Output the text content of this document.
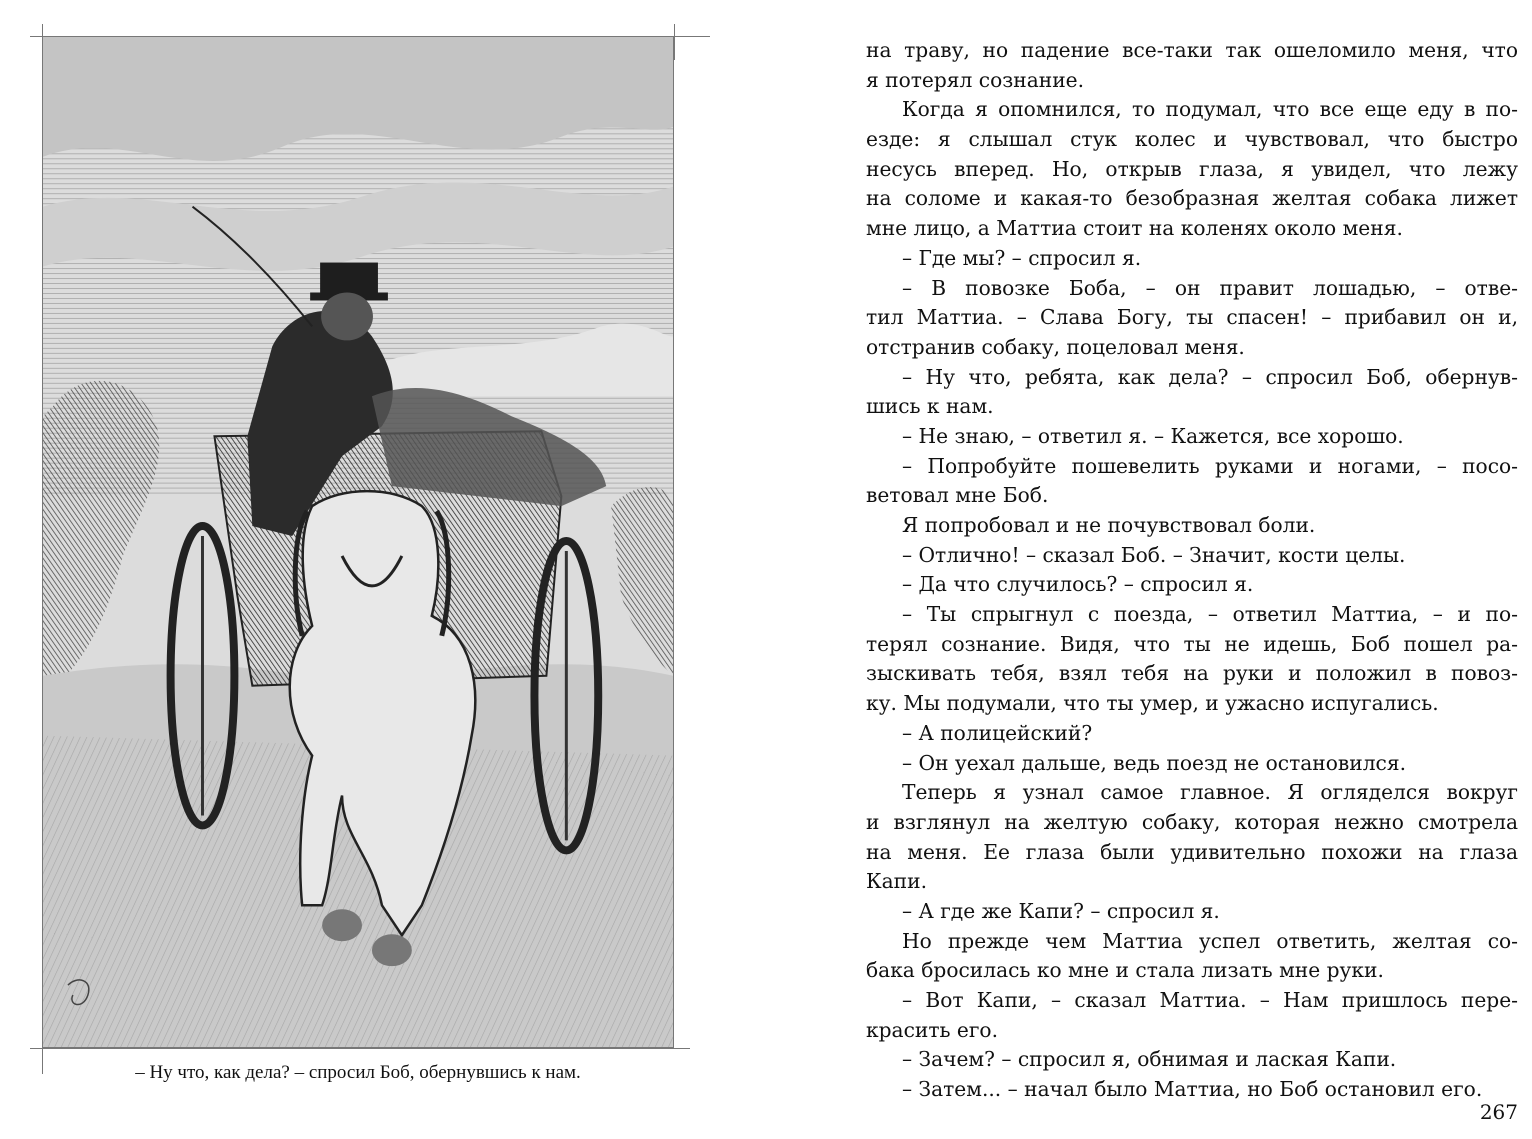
– Ну что, как дела? – спросил Боб, обернувшись к нам.
на траву, но падение все-таки так ошеломило меня, что
я потерял сознание.
Когда я опомнился, то подумал, что все еще еду в по-
езде: я слышал стук колес и чувствовал, что быстро
несусь вперед. Но, открыв глаза, я увидел, что лежу
на соломе и какая-то безобразная желтая собака лижет
мне лицо, а Маттиа стоит на коленях около меня.
– Где мы? – спросил я.
– В повозке Боба, – он правит лошадью, – отве-
тил Маттиа. – Слава Богу, ты спасен! – прибавил он и,
отстранив собаку, поцеловал меня.
– Ну что, ребята, как дела? – спросил Боб, обернув-
шись к нам.
– Не знаю, – ответил я. – Кажется, все хорошо.
– Попробуйте пошевелить руками и ногами, – посо-
ветовал мне Боб.
Я попробовал и не почувствовал боли.
– Отлично! – сказал Боб. – Значит, кости целы.
– Да что случилось? – спросил я.
– Ты спрыгнул с поезда, – ответил Маттиа, – и по-
терял сознание. Видя, что ты не идешь, Боб пошел ра-
зыскивать тебя, взял тебя на руки и положил в повоз-
ку. Мы подумали, что ты умер, и ужасно испугались.
– А полицейский?
– Он уехал дальше, ведь поезд не остановился.
Теперь я узнал самое главное. Я огляделся вокруг
и взглянул на желтую собаку, которая нежно смотрела
на меня. Ее глаза были удивительно похожи на глаза
Капи.
– А где же Капи? – спросил я.
Но прежде чем Маттиа успел ответить, желтая со-
бака бросилась ко мне и стала лизать мне руки.
– Вот Капи, – сказал Маттиа. – Нам пришлось пере-
красить его.
– Зачем? – спросил я, обнимая и лаская Капи.
– Затем... – начал было Маттиа, но Боб остановил его.
267
